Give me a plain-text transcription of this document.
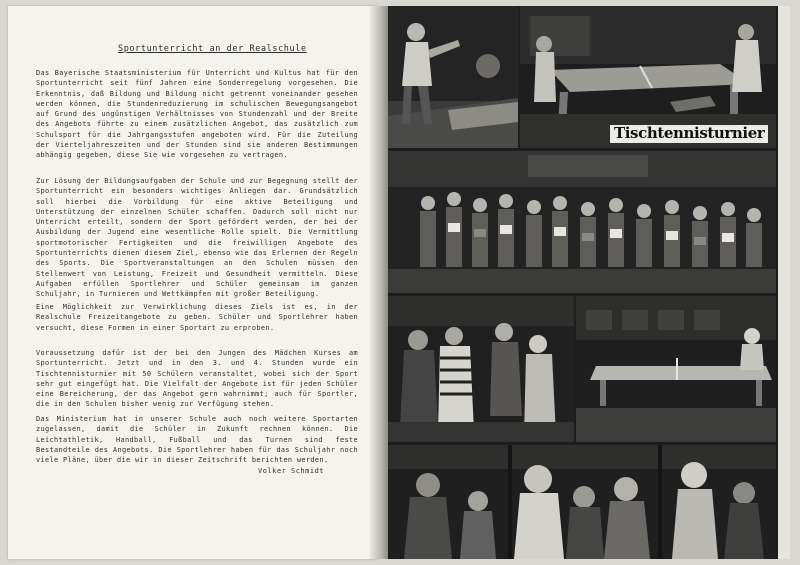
Sportunterricht an der Realschule

Das Bayerische Staatsministerium für Unterricht und Kultus hat für den Sportunterricht seit fünf Jahren eine Sonderregelung vorgesehen. Die Erkenntnis, daß Bildung und Bildung nicht getrennt voneinander gesehen werden können, die Stundenreduzierung im schulischen Bewegungsangebot auf Grund des ungünstigen Verhältnisses von Stundenzahl und der Breite des Angebots führte zu einem zusätzlichen Angebot, das zusätzlich zum Schulsport für die Jahrgangsstufen angeboten wird. Für die Zuteilung der Vierteljahreszeiten und der Stunden sind sie anderen Bestimmungen abhängig gegeben, diese Sie wie vorgesehen zu vertragen.

Zur Lösung der Bildungsaufgaben der Schule und zur Begegnung stellt der Sportunterricht ein besonders wichtiges Anliegen dar. Grundsätzlich soll hierbei die Vorbildung für eine aktive Beteiligung und Unterstützung der einzelnen Schüler schaffen. Dadurch soll nicht nur Unterricht erteilt, sondern der Sport gefördert werden, der bei der Ausbildung der Jugend eine wesentliche Rolle spielt. Die Vermittlung sportmotorischer Fertigkeiten und die freiwilligen Angebote des Sportunterrichts dienen diesem Ziel, ebenso wie das Erlernen der Regeln des Sports. Die Sportveranstaltungen an den Schulen müssen den Stellenwert von Leistung, Freizeit und Gesundheit vermitteln. Diese Aufgaben erfüllen Sportlehrer und Schüler gemeinsam im ganzen Schuljahr, in Turnieren und Wettkämpfen mit großer Beteiligung.

Eine Möglichkeit zur Verwirklichung dieses Ziels ist es, in der Realschule Freizeitangebote zu geben. Schüler und Sportlehrer haben versucht, diese Formen in einer Sportart zu erproben.

Voraussetzung dafür ist der bei den Jungen des Mädchen Kurses am Sportunterricht. Jetzt und in den 3. und 4. Stunden wurde ein Tischtennisturnier mit 50 Schülern veranstaltet, wobei sich der Sport sehr gut eingefügt hat. Die Vielfalt der Angebote ist für jeden Schüler eine Bereicherung, der das Angebot gern wahrnimmt; auch für Sportler, die in den Schulen bisher wenig zur Verfügung stehen.

Das Ministerium hat in unserer Schule auch noch weitere Sportarten zugelassen, damit die Schüler in Zukunft rechnen können. Die Leichtathletik, Handball, Fußball und das Turnen sind feste Bestandteile des Angebots. Die Sportlehrer haben für das Schuljahr noch viele Pläne, über die wir in dieser Zeitschrift berichten werden.

Volker Schmidt
Tischtennisturnier
